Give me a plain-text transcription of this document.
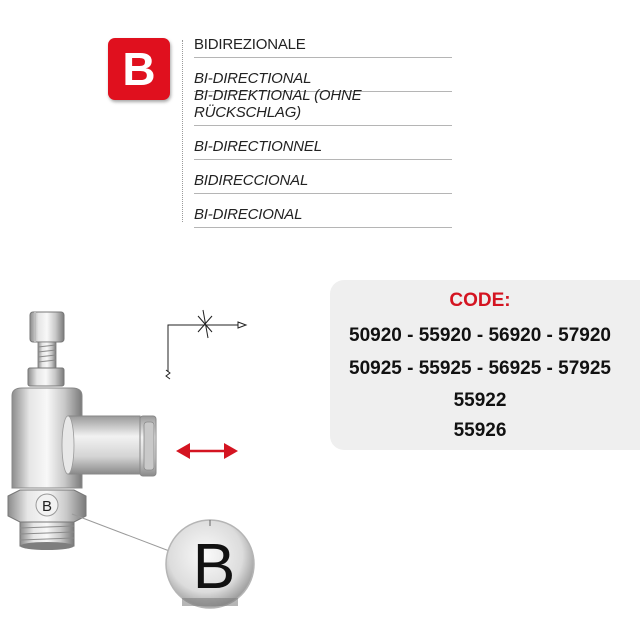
B	BIDIREZIONALE
BI-DIRECTIONAL
BI-DIREKTIONAL (OHNE RÜCKSCHLAG)
BI-DIRECTIONNEL
BIDIRECCIONAL
BI-DIRECIONAL
CODE:
50920 - 55920 - 56920 - 57920
50925 - 55925 - 56925 - 57925
55922
55926
B
B
